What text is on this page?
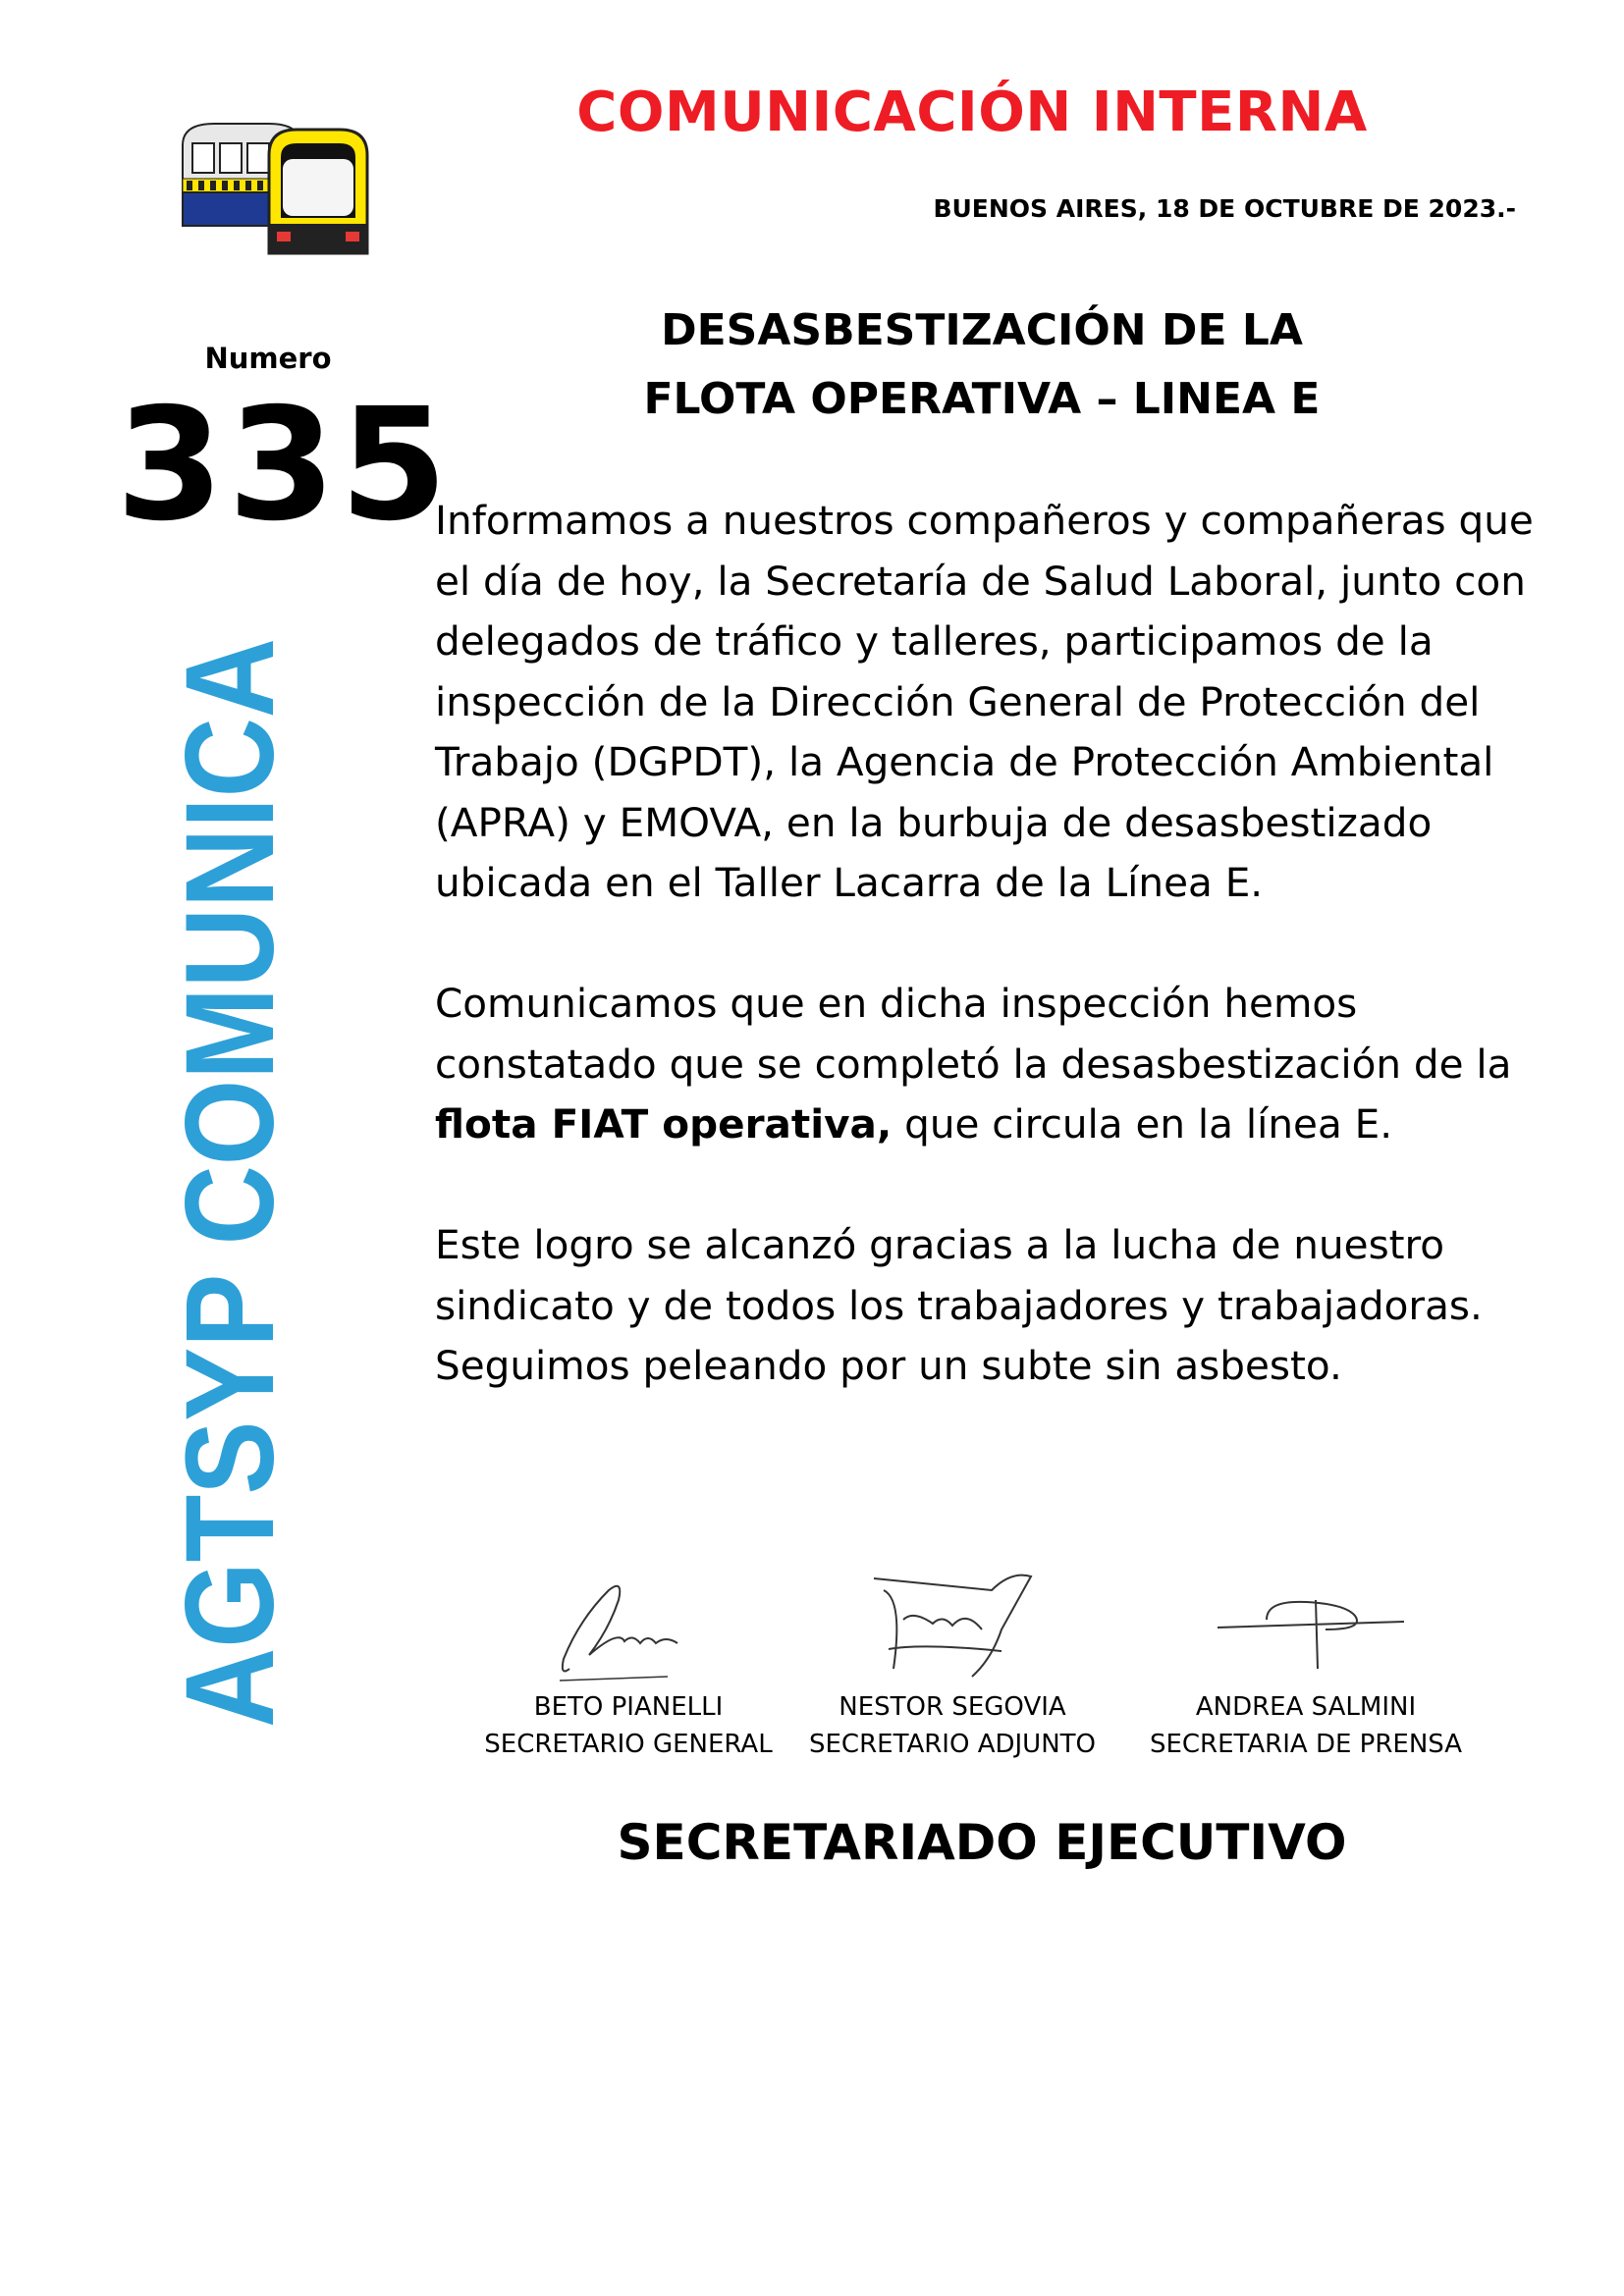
COMUNICACIÓN INTERNA
BUENOS AIRES, 18 DE OCTUBRE DE 2023.-
Numero
335
AGTSYP COMUNICA
DESASBESTIZACIÓN DE LA
FLOTA OPERATIVA – LINEA E

Informamos a nuestros compañeros y compañeras que el día de hoy, la Secretaría de Salud Laboral, junto con delegados de tráfico y talleres, participamos de la inspección de la Dirección General de Protección del Trabajo (DGPDT), la Agencia de Protección Ambiental (APRA) y EMOVA, en la burbuja de desasbestizado ubicada en el Taller Lacarra de la Línea E.

Comunicamos que en dicha inspección hemos constatado que se completó la desasbestización de la flota FIAT operativa, que circula en la línea E.

Este logro se alcanzó gracias a la lucha de nuestro sindicato y de todos los trabajadores y trabajadoras. Seguimos peleando por un subte sin asbesto.

BETO PIANELLI
SECRETARIO GENERAL
NESTOR SEGOVIA
SECRETARIO ADJUNTO
ANDREA SALMINI
SECRETARIA DE PRENSA
SECRETARIADO EJECUTIVO
